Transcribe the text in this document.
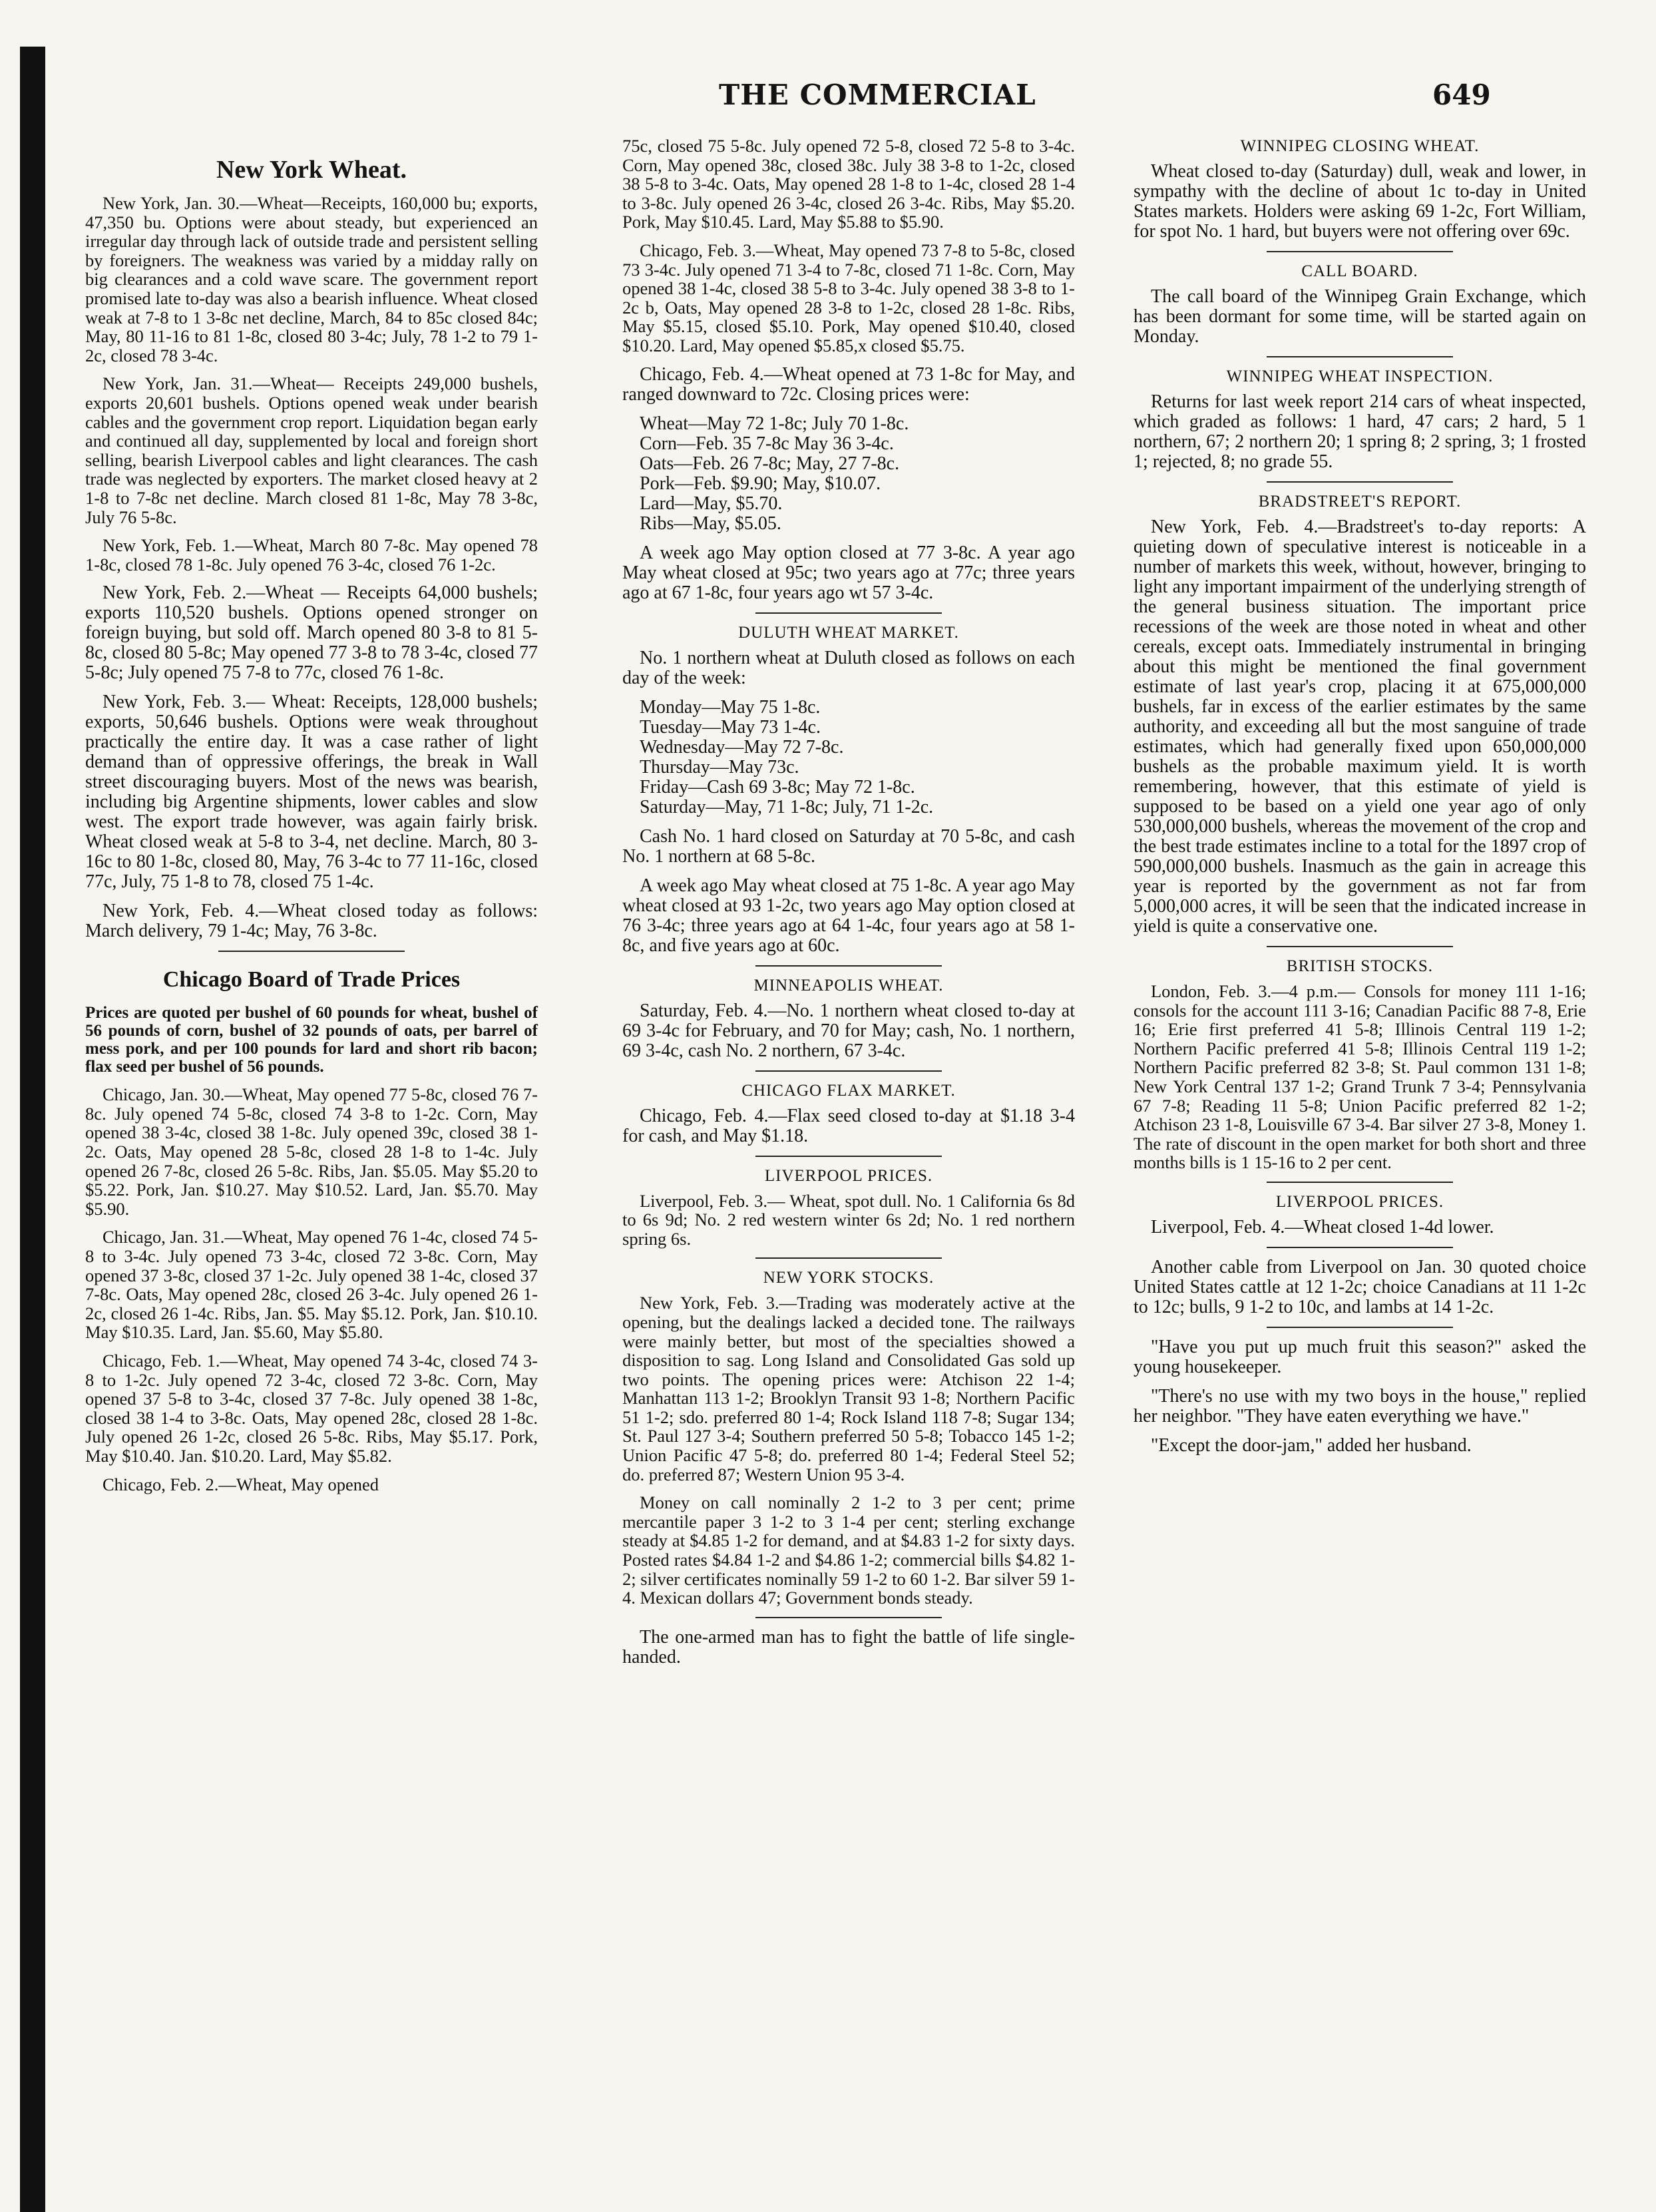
THE COMMERCIAL	649
New York Wheat.

New York, Jan. 30.—Wheat—Receipts, 160,000 bu; exports, 47,350 bu. Options were about steady, but experienced an irregular day through lack of outside trade and persistent selling by foreigners. The weakness was varied by a midday rally on big clearances and a cold wave scare. The government report promised late to-day was also a bearish influence. Wheat closed weak at 7-8 to 1 3-8c net decline, March, 84 to 85c closed 84c; May, 80 11-16 to 81 1-8c, closed 80 3-4c; July, 78 1-2 to 79 1-2c, closed 78 3-4c.

New York, Jan. 31.—Wheat— Receipts 249,000 bushels, exports 20,601 bushels. Options opened weak under bearish cables and the government crop report. Liquidation began early and continued all day, supplemented by local and foreign short selling, bearish Liverpool cables and light clearances. The cash trade was neglected by exporters. The market closed heavy at 2 1-8 to 7-8c net decline. March closed 81 1-8c, May 78 3-8c, July 76 5-8c.

New York, Feb. 1.—Wheat, March 80 7-8c. May opened 78 1-8c, closed 78 1-8c. July opened 76 3-4c, closed 76 1-2c.

New York, Feb. 2.—Wheat — Receipts 64,000 bushels; exports 110,520 bushels. Options opened stronger on foreign buying, but sold off. March opened 80 3-8 to 81 5-8c, closed 80 5-8c; May opened 77 3-8 to 78 3-4c, closed 77 5-8c; July opened 75 7-8 to 77c, closed 76 1-8c.

New York, Feb. 3.— Wheat: Receipts, 128,000 bushels; exports, 50,646 bushels. Options were weak throughout practically the entire day. It was a case rather of light demand than of oppressive offerings, the break in Wall street discouraging buyers. Most of the news was bearish, including big Argentine shipments, lower cables and slow west. The export trade however, was again fairly brisk. Wheat closed weak at 5-8 to 3-4, net decline. March, 80 3-16c to 80 1-8c, closed 80, May, 76 3-4c to 77 11-16c, closed 77c, July, 75 1-8 to 78, closed 75 1-4c.

New York, Feb. 4.—Wheat closed today as follows: March delivery, 79 1-4c; May, 76 3-8c.

Chicago Board of Trade Prices

Prices are quoted per bushel of 60 pounds for wheat, bushel of 56 pounds of corn, bushel of 32 pounds of oats, per barrel of mess pork, and per 100 pounds for lard and short rib bacon; flax seed per bushel of 56 pounds.

Chicago, Jan. 30.—Wheat, May opened 77 5-8c, closed 76 7-8c. July opened 74 5-8c, closed 74 3-8 to 1-2c. Corn, May opened 38 3-4c, closed 38 1-8c. July opened 39c, closed 38 1-2c. Oats, May opened 28 5-8c, closed 28 1-8 to 1-4c. July opened 26 7-8c, closed 26 5-8c. Ribs, Jan. $5.05. May $5.20 to $5.22. Pork, Jan. $10.27. May $10.52. Lard, Jan. $5.70. May $5.90.

Chicago, Jan. 31.—Wheat, May opened 76 1-4c, closed 74 5-8 to 3-4c. July opened 73 3-4c, closed 72 3-8c. Corn, May opened 37 3-8c, closed 37 1-2c. July opened 38 1-4c, closed 37 7-8c. Oats, May opened 28c, closed 26 3-4c. July opened 26 1-2c, closed 26 1-4c. Ribs, Jan. $5. May $5.12. Pork, Jan. $10.10. May $10.35. Lard, Jan. $5.60, May $5.80.

Chicago, Feb. 1.—Wheat, May opened 74 3-4c, closed 74 3-8 to 1-2c. July opened 72 3-4c, closed 72 3-8c. Corn, May opened 37 5-8 to 3-4c, closed 37 7-8c. July opened 38 1-8c, closed 38 1-4 to 3-8c. Oats, May opened 28c, closed 28 1-8c. July opened 26 1-2c, closed 26 5-8c. Ribs, May $5.17. Pork, May $10.40. Jan. $10.20. Lard, May $5.82.

Chicago, Feb. 2.—Wheat, May opened

75c, closed 75 5-8c. July opened 72 5-8, closed 72 5-8 to 3-4c. Corn, May opened 38c, closed 38c. July 38 3-8 to 1-2c, closed 38 5-8 to 3-4c. Oats, May opened 28 1-8 to 1-4c, closed 28 1-4 to 3-8c. July opened 26 3-4c, closed 26 3-4c. Ribs, May $5.20. Pork, May $10.45. Lard, May $5.88 to $5.90.

Chicago, Feb. 3.—Wheat, May opened 73 7-8 to 5-8c, closed 73 3-4c. July opened 71 3-4 to 7-8c, closed 71 1-8c. Corn, May opened 38 1-4c, closed 38 5-8 to 3-4c. July opened 38 3-8 to 1-2c b, Oats, May opened 28 3-8 to 1-2c, closed 28 1-8c. Ribs, May $5.15, closed $5.10. Pork, May opened $10.40, closed $10.20. Lard, May opened $5.85,x closed $5.75.

Chicago, Feb. 4.—Wheat opened at 73 1-8c for May, and ranged downward to 72c. Closing prices were:

Wheat—May 72 1-8c; July 70 1-8c.

Corn—Feb. 35 7-8c May 36 3-4c.

Oats—Feb. 26 7-8c; May, 27 7-8c.

Pork—Feb. $9.90; May, $10.07.

Lard—May, $5.70.

Ribs—May, $5.05.

A week ago May option closed at 77 3-8c. A year ago May wheat closed at 95c; two years ago at 77c; three years ago at 67 1-8c, four years ago wt 57 3-4c.

DULUTH WHEAT MARKET.

No. 1 northern wheat at Duluth closed as follows on each day of the week:

Monday—May 75 1-8c.

Tuesday—May 73 1-4c.

Wednesday—May 72 7-8c.

Thursday—May 73c.

Friday—Cash 69 3-8c; May 72 1-8c.

Saturday—May, 71 1-8c; July, 71 1-2c.

Cash No. 1 hard closed on Saturday at 70 5-8c, and cash No. 1 northern at 68 5-8c.

A week ago May wheat closed at 75 1-8c. A year ago May wheat closed at 93 1-2c, two years ago May option closed at 76 3-4c; three years ago at 64 1-4c, four years ago at 58 1-8c, and five years ago at 60c.

MINNEAPOLIS WHEAT.

Saturday, Feb. 4.—No. 1 northern wheat closed to-day at 69 3-4c for February, and 70 for May; cash, No. 1 northern, 69 3-4c, cash No. 2 northern, 67 3-4c.

CHICAGO FLAX MARKET.

Chicago, Feb. 4.—Flax seed closed to-day at $1.18 3-4 for cash, and May $1.18.

LIVERPOOL PRICES.

Liverpool, Feb. 3.— Wheat, spot dull. No. 1 California 6s 8d to 6s 9d; No. 2 red western winter 6s 2d; No. 1 red northern spring 6s.

NEW YORK STOCKS.

New York, Feb. 3.—Trading was moderately active at the opening, but the dealings lacked a decided tone. The railways were mainly better, but most of the specialties showed a disposition to sag. Long Island and Consolidated Gas sold up two points. The opening prices were: Atchison 22 1-4; Manhattan 113 1-2; Brooklyn Transit 93 1-8; Northern Pacific 51 1-2; sdo. preferred 80 1-4; Rock Island 118 7-8; Sugar 134; St. Paul 127 3-4; Southern preferred 50 5-8; Tobacco 145 1-2; Union Pacific 47 5-8; do. preferred 80 1-4; Federal Steel 52; do. preferred 87; Western Union 95 3-4.

Money on call nominally 2 1-2 to 3 per cent; prime mercantile paper 3 1-2 to 3 1-4 per cent; sterling exchange steady at $4.85 1-2 for demand, and at $4.83 1-2 for sixty days. Posted rates $4.84 1-2 and $4.86 1-2; commercial bills $4.82 1-2; silver certificates nominally 59 1-2 to 60 1-2. Bar silver 59 1-4. Mexican dollars 47; Government bonds steady.

The one-armed man has to fight the battle of life single-handed.

WINNIPEG CLOSING WHEAT.

Wheat closed to-day (Saturday) dull, weak and lower, in sympathy with the decline of about 1c to-day in United States markets. Holders were asking 69 1-2c, Fort William, for spot No. 1 hard, but buyers were not offering over 69c.

CALL BOARD.

The call board of the Winnipeg Grain Exchange, which has been dormant for some time, will be started again on Monday.

WINNIPEG WHEAT INSPECTION.

Returns for last week report 214 cars of wheat inspected, which graded as follows: 1 hard, 47 cars; 2 hard, 5 1 northern, 67; 2 northern 20; 1 spring 8; 2 spring, 3; 1 frosted 1; rejected, 8; no grade 55.

BRADSTREET'S REPORT.

New York, Feb. 4.—Bradstreet's to-day reports: A quieting down of speculative interest is noticeable in a number of markets this week, without, however, bringing to light any important impairment of the underlying strength of the general business situation. The important price recessions of the week are those noted in wheat and other cereals, except oats. Immediately instrumental in bringing about this might be mentioned the final government estimate of last year's crop, placing it at 675,000,000 bushels, far in excess of the earlier estimates by the same authority, and exceeding all but the most sanguine of trade estimates, which had generally fixed upon 650,000,000 bushels as the probable maximum yield. It is worth remembering, however, that this estimate of yield is supposed to be based on a yield one year ago of only 530,000,000 bushels, whereas the movement of the crop and the best trade estimates incline to a total for the 1897 crop of 590,000,000 bushels. Inasmuch as the gain in acreage this year is reported by the government as not far from 5,000,000 acres, it will be seen that the indicated increase in yield is quite a conservative one.

BRITISH STOCKS.

London, Feb. 3.—4 p.m.— Consols for money 111 1-16; consols for the account 111 3-16; Canadian Pacific 88 7-8, Erie 16; Erie first preferred 41 5-8; Illinois Central 119 1-2; Northern Pacific preferred 41 5-8; Illinois Central 119 1-2; Northern Pacific preferred 82 3-8; St. Paul common 131 1-8; New York Central 137 1-2; Grand Trunk 7 3-4; Pennsylvania 67 7-8; Reading 11 5-8; Union Pacific preferred 82 1-2; Atchison 23 1-8, Louisville 67 3-4. Bar silver 27 3-8, Money 1. The rate of discount in the open market for both short and three months bills is 1 15-16 to 2 per cent.

LIVERPOOL PRICES.

Liverpool, Feb. 4.—Wheat closed 1-4d lower.

Another cable from Liverpool on Jan. 30 quoted choice United States cattle at 12 1-2c; choice Canadians at 11 1-2c to 12c; bulls, 9 1-2 to 10c, and lambs at 14 1-2c.

"Have you put up much fruit this season?" asked the young housekeeper.

"There's no use with my two boys in the house," replied her neighbor. "They have eaten everything we have."

"Except the door-jam," added her husband.
